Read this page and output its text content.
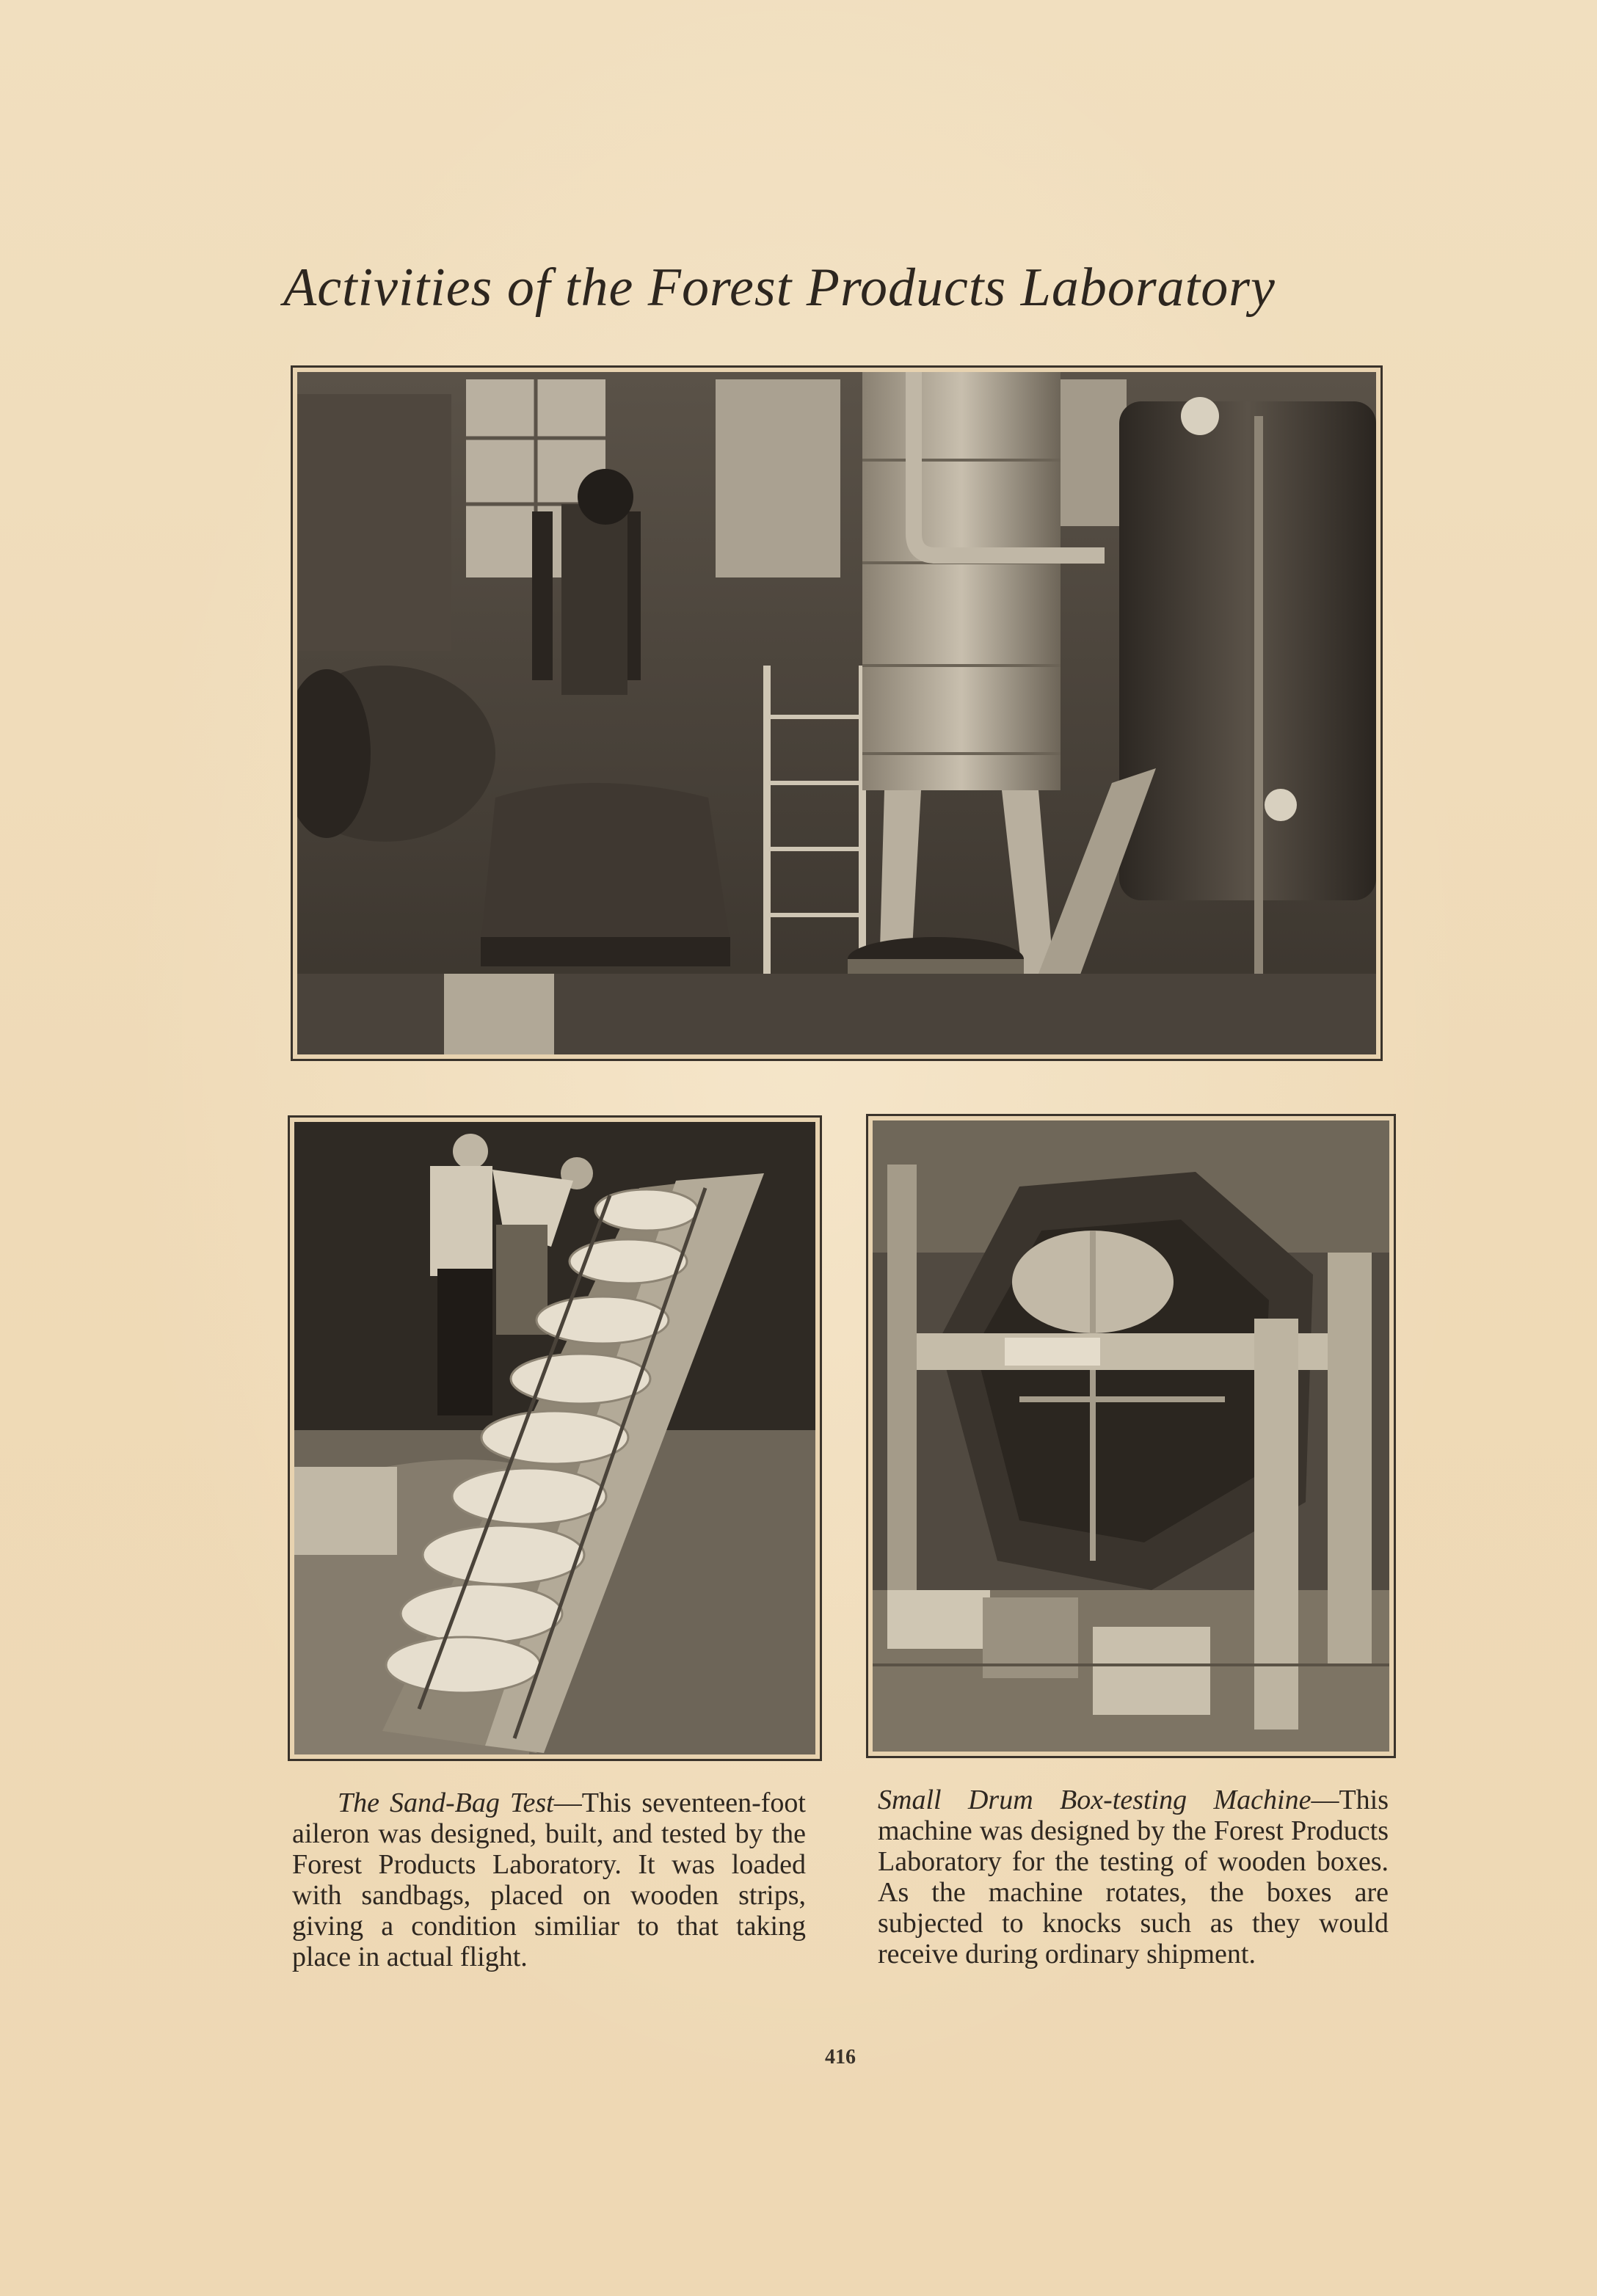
Activities of the Forest Products Laboratory
The Sand-Bag Test—This seventeen-foot aileron was designed, built, and tested by the Forest Products Laboratory. It was loaded with sandbags, placed on wooden strips, giving a condition similiar to that taking place in actual flight.
Small Drum Box-testing Machine—This machine was designed by the Forest Products Laboratory for the testing of wooden boxes. As the machine rotates, the boxes are subjected to knocks such as they would receive during ordinary shipment.
416
